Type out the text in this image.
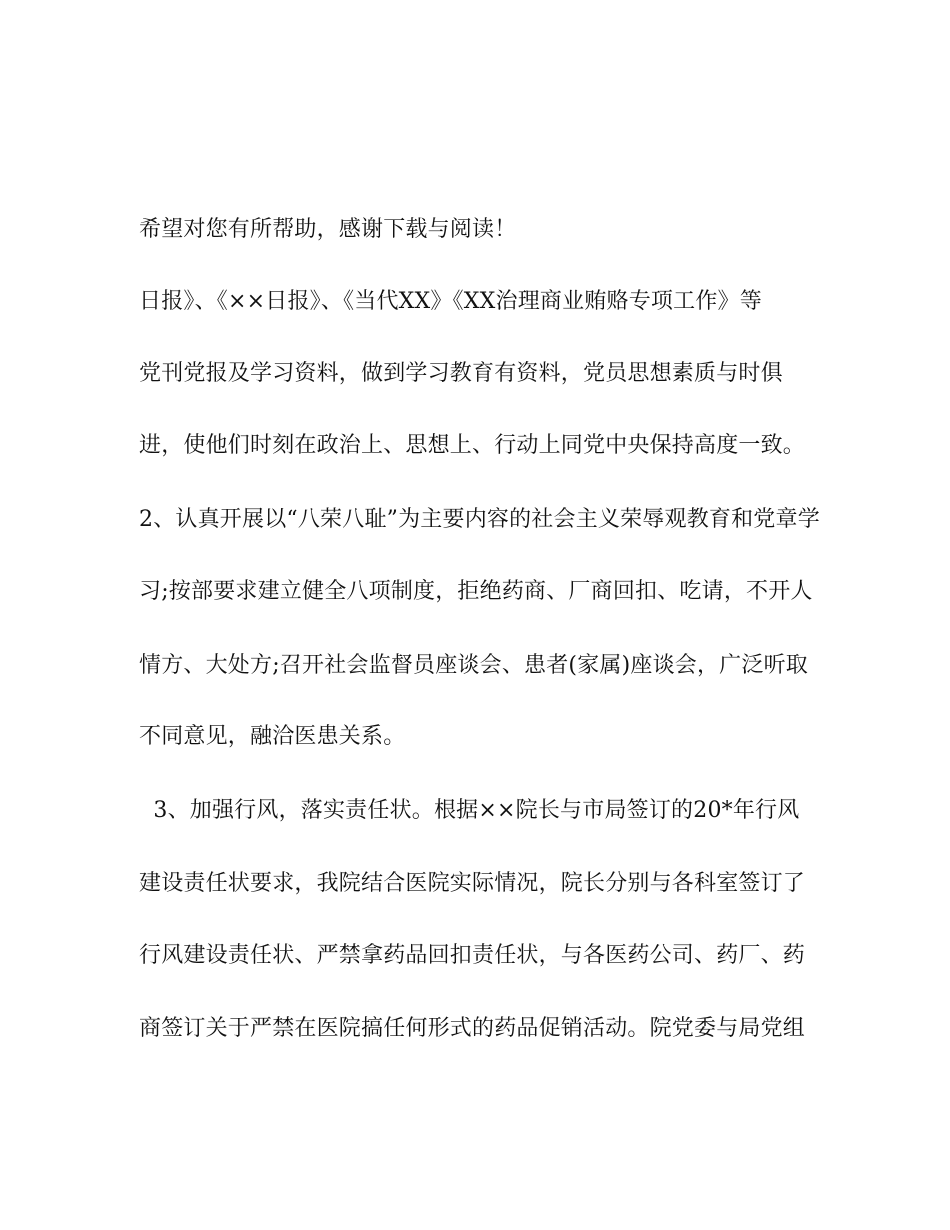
希望对您有所帮助，感谢下载与阅读！
日报》、《××日报》、《当代XX》《XX治理商业贿赂专项工作》等
党刊党报及学习资料，做到学习教育有资料，党员思想素质与时俱
进，使他们时刻在政治上、思想上、行动上同党中央保持高度一致。
2、认真开展以“八荣八耻”为主要内容的社会主义荣辱观教育和党章学
习;按部要求建立健全八项制度，拒绝药商、厂商回扣、吃请，不开人
情方、大处方;召开社会监督员座谈会、患者(家属)座谈会，广泛听取
不同意见，融洽医患关系。
3、加强行风，落实责任状。根据××院长与市局签订的20*年行风
建设责任状要求，我院结合医院实际情况，院长分别与各科室签订了
行风建设责任状、严禁拿药品回扣责任状，与各医药公司、药厂、药
商签订关于严禁在医院搞任何形式的药品促销活动。院党委与局党组
